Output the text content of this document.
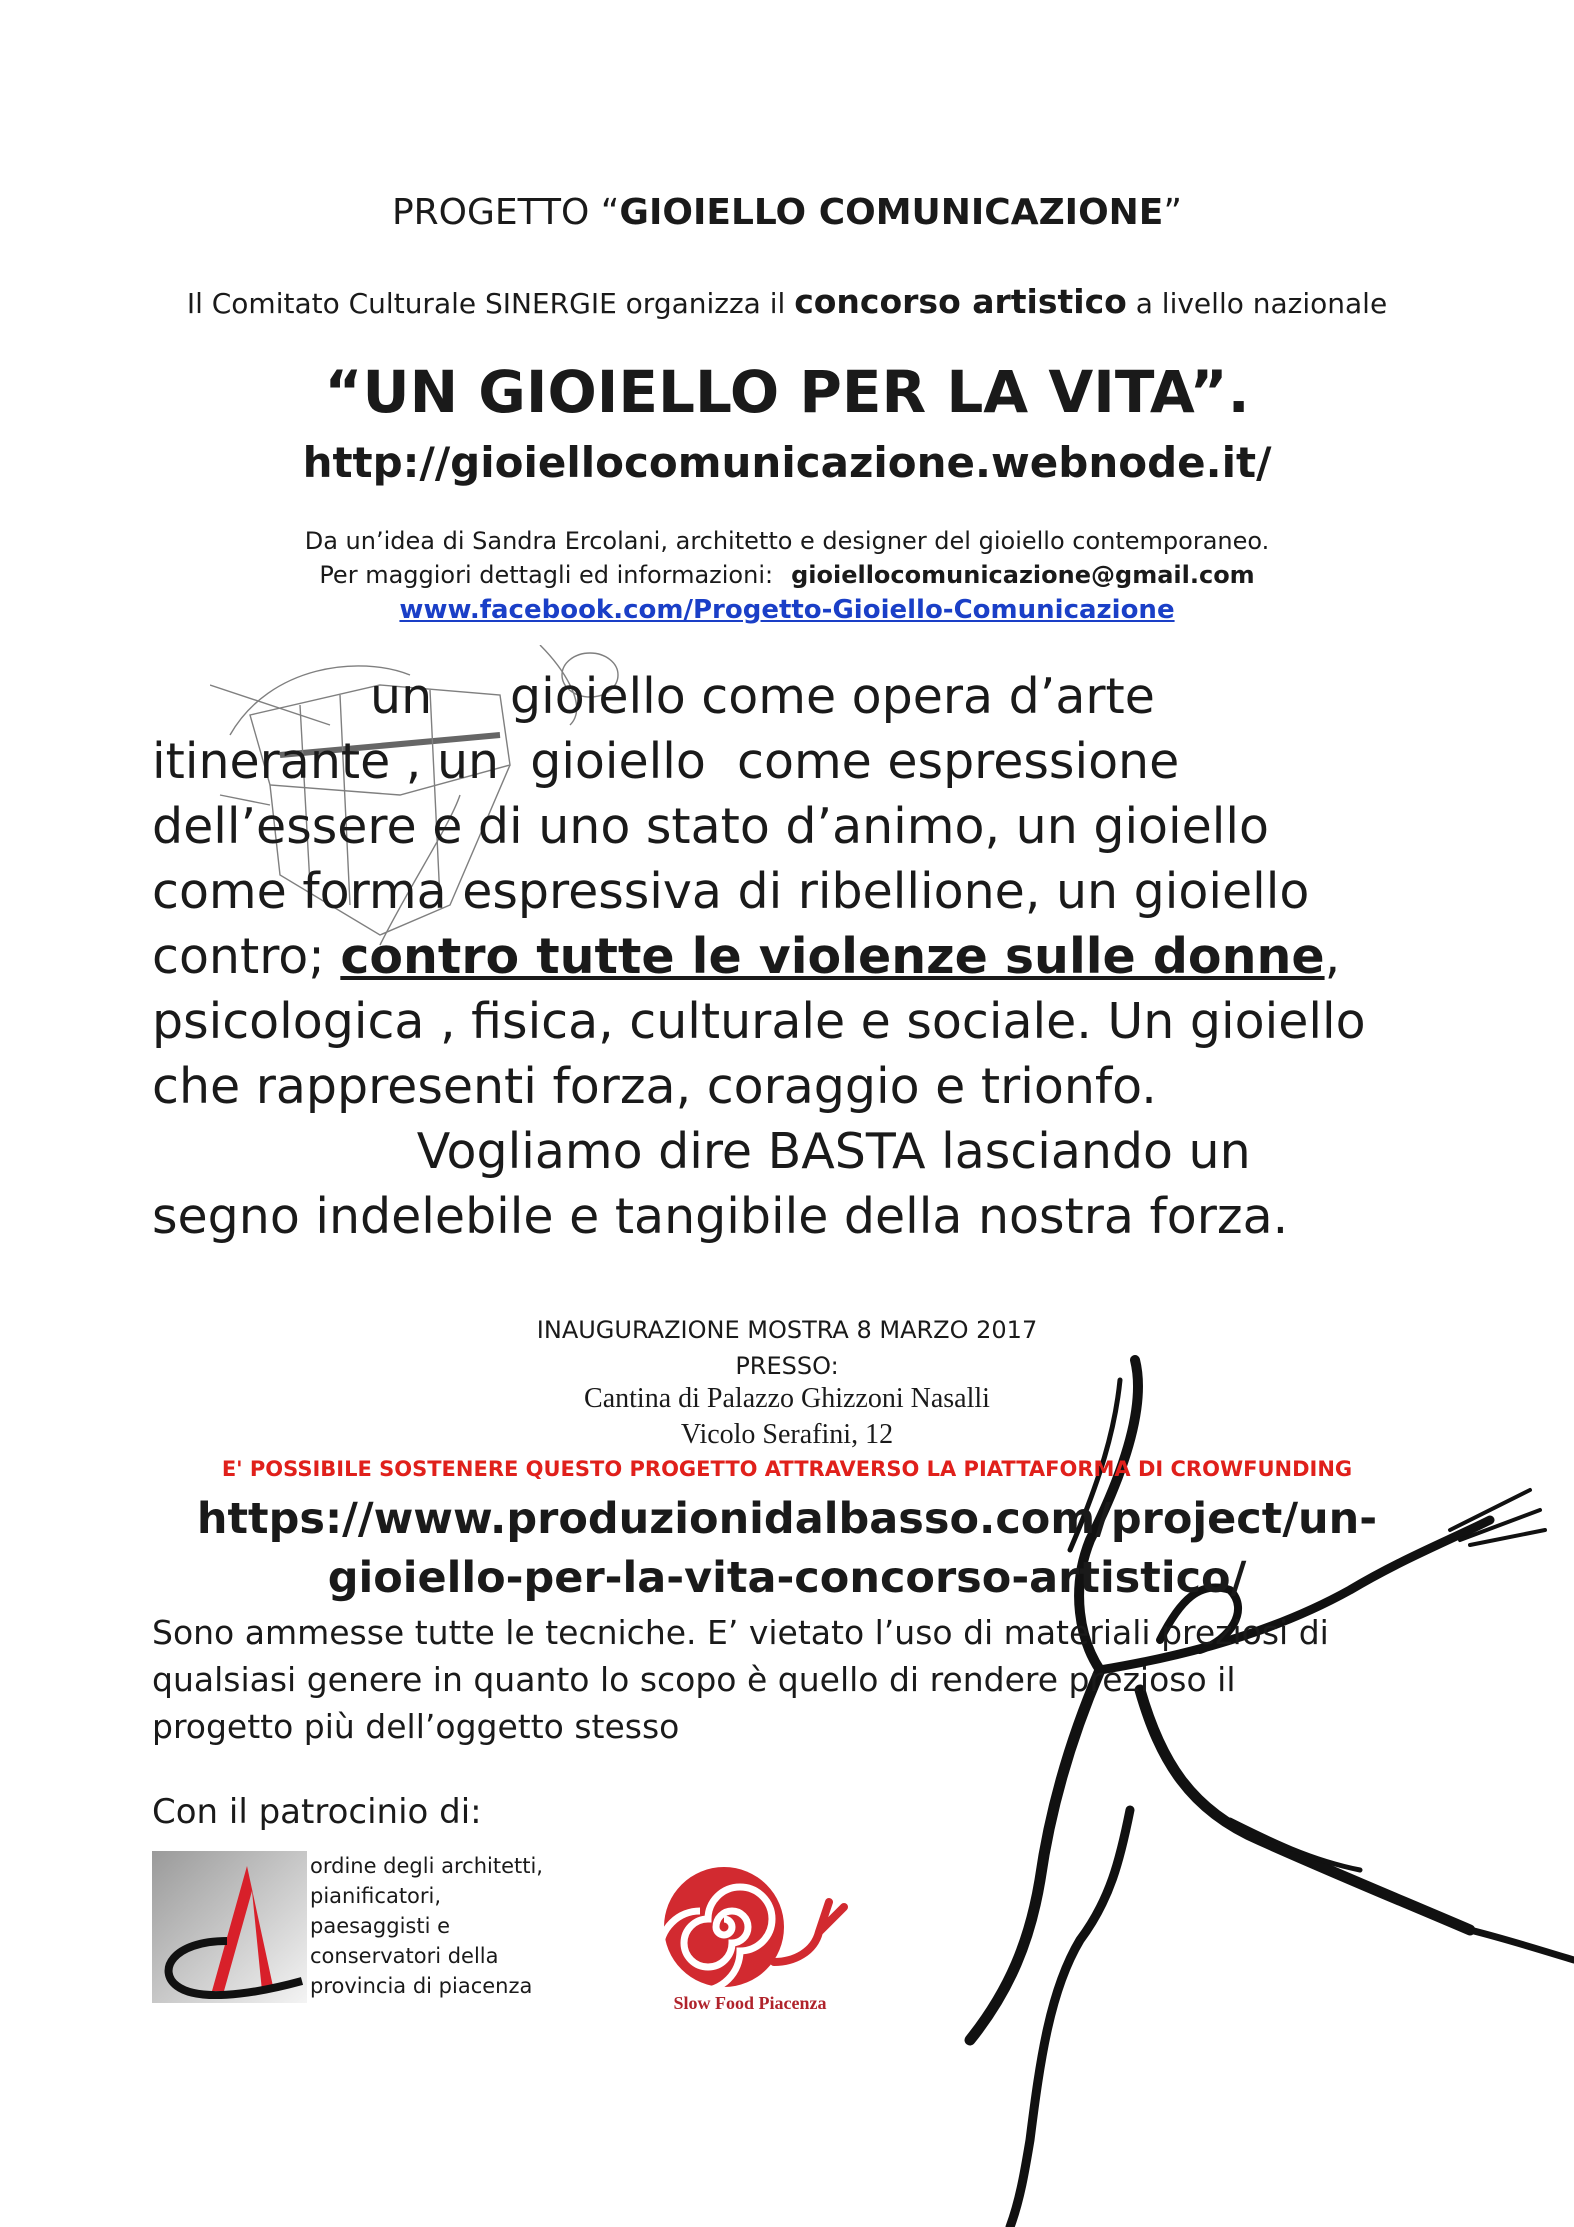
PROGETTO “GIOIELLO COMUNICAZIONE”
Il Comitato Culturale SINERGIE organizza il concorso artistico a livello nazionale
“UN GIOIELLO PER LA VITA”.
http://gioiellocomunicazione.webnode.it/
Da un’idea di Sandra Ercolani, architetto e designer del gioiello contemporaneo.
Per maggiori dettagli ed informazioni: gioiellocomunicazione@gmail.com
www.facebook.com/Progetto-Gioiello-Comunicazione

un     gioiello come opera d’arte

itinerante , un  gioiello  come espressione

dell’essere e di uno stato d’animo, un gioiello

come forma espressiva di ribellione, un gioiello

contro; contro tutte le violenze sulle donne,

psicologica , fisica, culturale e sociale. Un gioiello

che rappresenti forza, coraggio e trionfo.

Vogliamo dire BASTA lasciando un

segno indelebile e tangibile della nostra forza.

INAUGURAZIONE MOSTRA 8 MARZO 2017
PRESSO:
Cantina di Palazzo Ghizzoni Nasalli
Vicolo Serafini, 12
E' POSSIBILE SOSTENERE QUESTO PROGETTO ATTRAVERSO LA PIATTAFORMA DI CROWFUNDING
https://www.produzionidalbasso.com/project/un-
gioiello-per-la-vita-concorso-artistico/

Sono ammesse tutte le tecniche. E’ vietato l’uso di materiali preziosi di

qualsiasi genere in quanto lo scopo è quello di rendere prezioso il

progetto più dell’oggetto stesso

Con il patrocinio di:

ordine degli architetti,

pianificatori,

paesaggisti e

conservatori della

provincia di piacenza

Slow Food Piacenza
